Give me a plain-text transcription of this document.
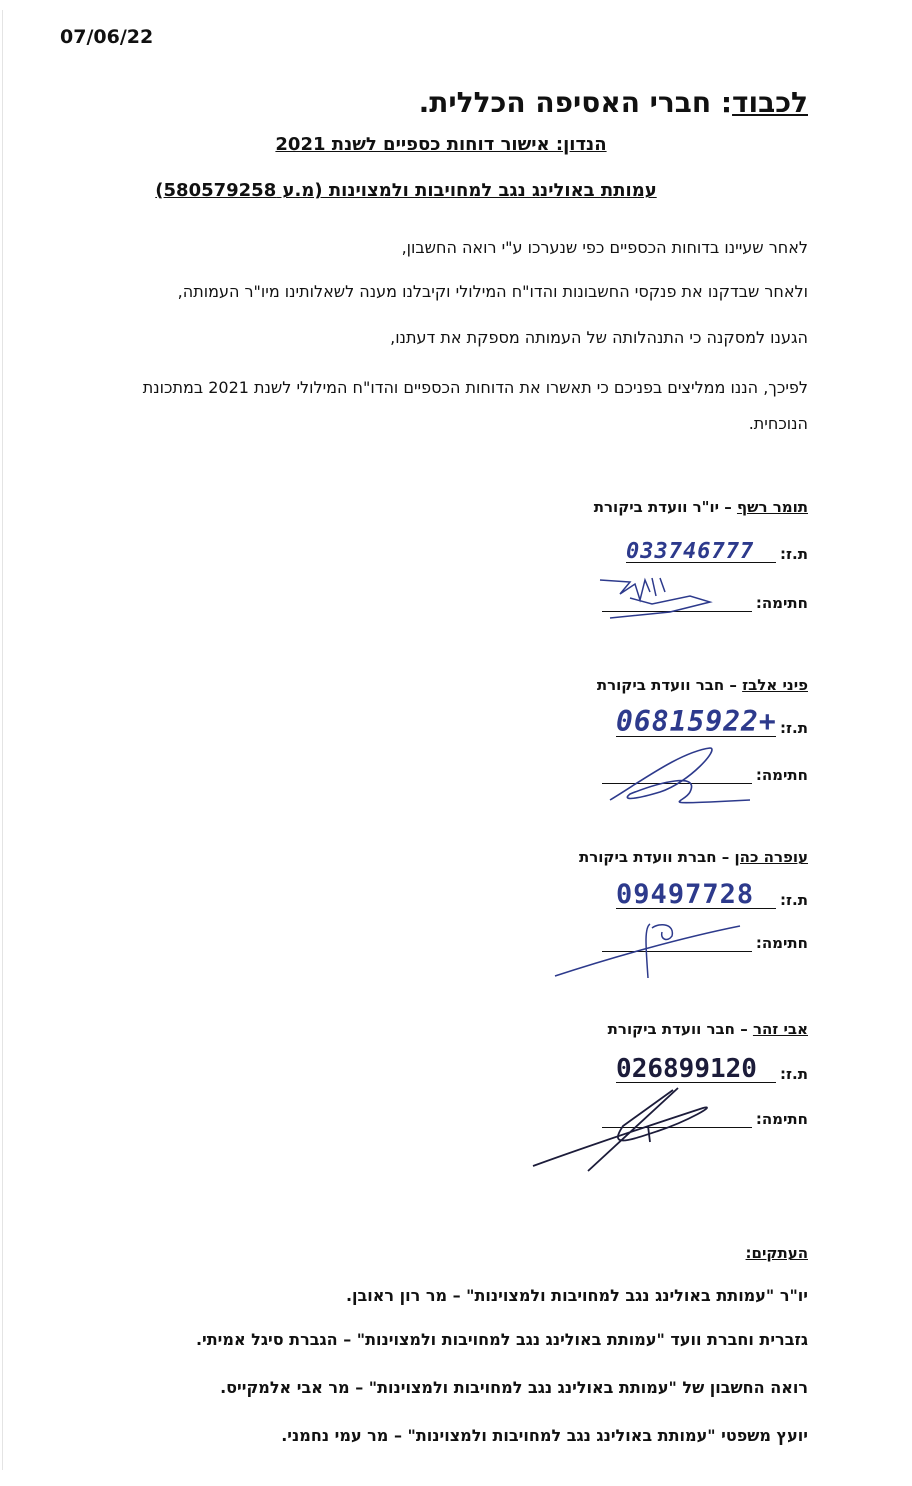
07/06/22
לכבוד: חברי האסיפה הכללית.
הנדון: אישור דוחות כספיים לשנת 2021
עמותת באולינג נגב למחויבות ולמצוינות (מ.ע 580579258)
לאחר שעיינו בדוחות הכספיים כפי שנערכו ע"י רואה החשבון,
ולאחר שבדקנו את פנקסי החשבונות והדו"ח המילולי וקיבלנו מענה לשאלותינו מיו"ר העמותה,
הגענו למסקנה כי התנהלותה של העמותה מספקת את דעתנו,
לפיכך, הננו ממליצים בפניכם כי תאשרו את הדוחות הכספיים והדו"ח המילולי לשנת 2021 במתכונת הנוכחית.
תומר רשף – יו"ר וועדת ביקורת
ת.ז:
033746777
חתימה:
פיני אלבז – חבר וועדת ביקורת
ת.ז:
06815922+
חתימה:
עופרה כהן – חברת וועדת ביקורת
ת.ז:
09497728
חתימה:
אבי זהר – חבר וועדת ביקורת
ת.ז:
026899120
חתימה:
העתקים:
יו"ר "עמותת באולינג נגב למחויבות ולמצוינות" – מר רון ראובן.
גזברית וחברת וועד "עמותת באולינג נגב למחויבות ולמצוינות" – הגברת סיגל אמיתי.
רואה החשבון של "עמותת באולינג נגב למחויבות ולמצוינות" – מר אבי אלמקייס.
יועץ משפטי "עמותת באולינג נגב למחויבות ולמצוינות" – מר עמי נחמני.
